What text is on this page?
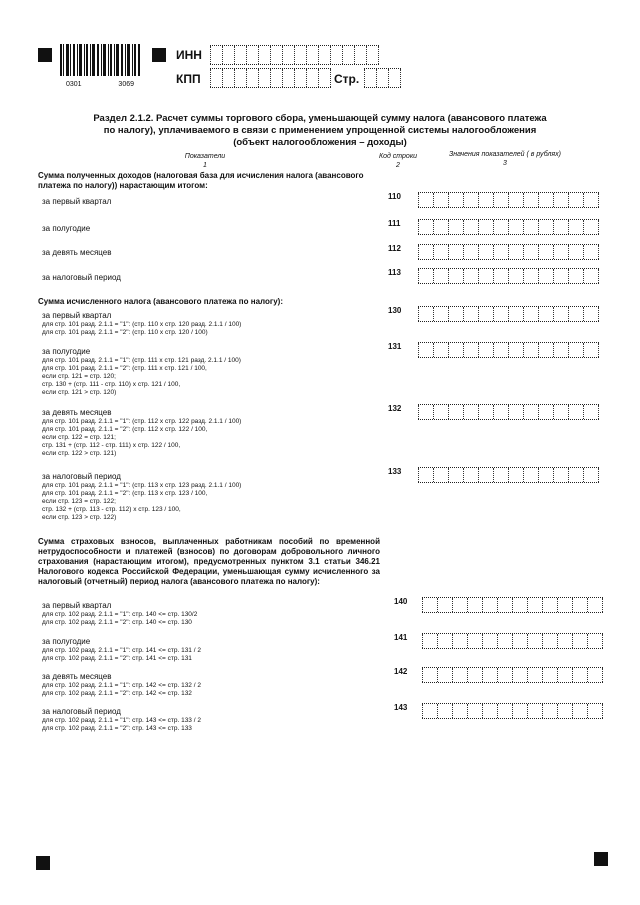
0301	3069
ИНН
КПП	Стр.
Раздел 2.1.2. Расчет суммы торгового сбора, уменьшающей сумму налога (авансового платежа
по налогу), уплачиваемого в связи с применением упрощенной системы налогообложения
(объект налогообложения – доходы)
Показатели
1
Код строки
2
Значения показателей ( в рублях)
3
Сумма полученных доходов (налоговая база для исчисления налога (авансового платежа по налогу)) нарастающим итогом:
Сумма исчисленного налога (авансового платежа по налогу):
Сумма страховых взносов, выплаченных работникам пособий по временной нетрудоспособности и платежей (взносов) по договорам добровольного личного страхования (нарастающим итогом), предусмотренных пунктом 3.1 статьи 346.21 Налогового кодекса Российской Федерации, уменьшающая сумму исчисленного за налоговый (отчетный) период налога (авансового платежа по налогу):
за первый квартал
110
за полугодие
111
за девять месяцев	112
за налоговый период
113
за первый квартал
для стр. 101 разд. 2.1.1 = "1": (стр. 110 х стр. 120 разд. 2.1.1 / 100)
для стр. 101 разд. 2.1.1 = "2": (стр. 110 х стр. 120 / 100)
130
за полугодие
для стр. 101 разд. 2.1.1 = "1": (стр. 111 х стр. 121 разд. 2.1.1 / 100)
для стр. 101 разд. 2.1.1 = "2": (стр. 111 х стр. 121 / 100,
если стр. 121 = стр. 120;
стр. 130 + (стр. 111 - стр. 110) х стр. 121 / 100,
если стр. 121 > стр. 120)
131
за девять месяцев
для стр. 101 разд. 2.1.1 = "1": (стр. 112 х стр. 122 разд. 2.1.1 / 100)
для стр. 101 разд. 2.1.1 = "2": (стр. 112 х стр. 122 / 100,
если стр. 122 = стр. 121;
стр. 131 + (стр. 112 - стр. 111) х стр. 122 / 100,
если стр. 122 > стр. 121)
132
за налоговый период
для стр. 101 разд. 2.1.1 = "1": (стр. 113 х стр. 123 разд. 2.1.1 / 100)
для стр. 101 разд. 2.1.1 = "2": (стр. 113 х стр. 123 / 100,
если стр. 123 = стр. 122;
стр. 132 + (стр. 113 - стр. 112) х стр. 123 / 100,
если стр. 123 > стр. 122)
133
за первый квартал
для стр. 102 разд. 2.1.1 = "1": стр. 140 <= стр. 130/2
для стр. 102 разд. 2.1.1 = "2": стр. 140 <= стр. 130
140
за полугодие
для стр. 102 разд. 2.1.1 = "1": стр. 141 <= стр. 131 / 2
для стр. 102 разд. 2.1.1 = "2": стр. 141 <= стр. 131
141
за девять месяцев
для стр. 102 разд. 2.1.1 = "1": стр. 142 <= стр. 132 / 2
для стр. 102 разд. 2.1.1 = "2": стр. 142 <= стр. 132
142
за налоговый период
для стр. 102 разд. 2.1.1 = "1": стр. 143 <= стр. 133 / 2
для стр. 102 разд. 2.1.1 = "2": стр. 143 <= стр. 133
143
